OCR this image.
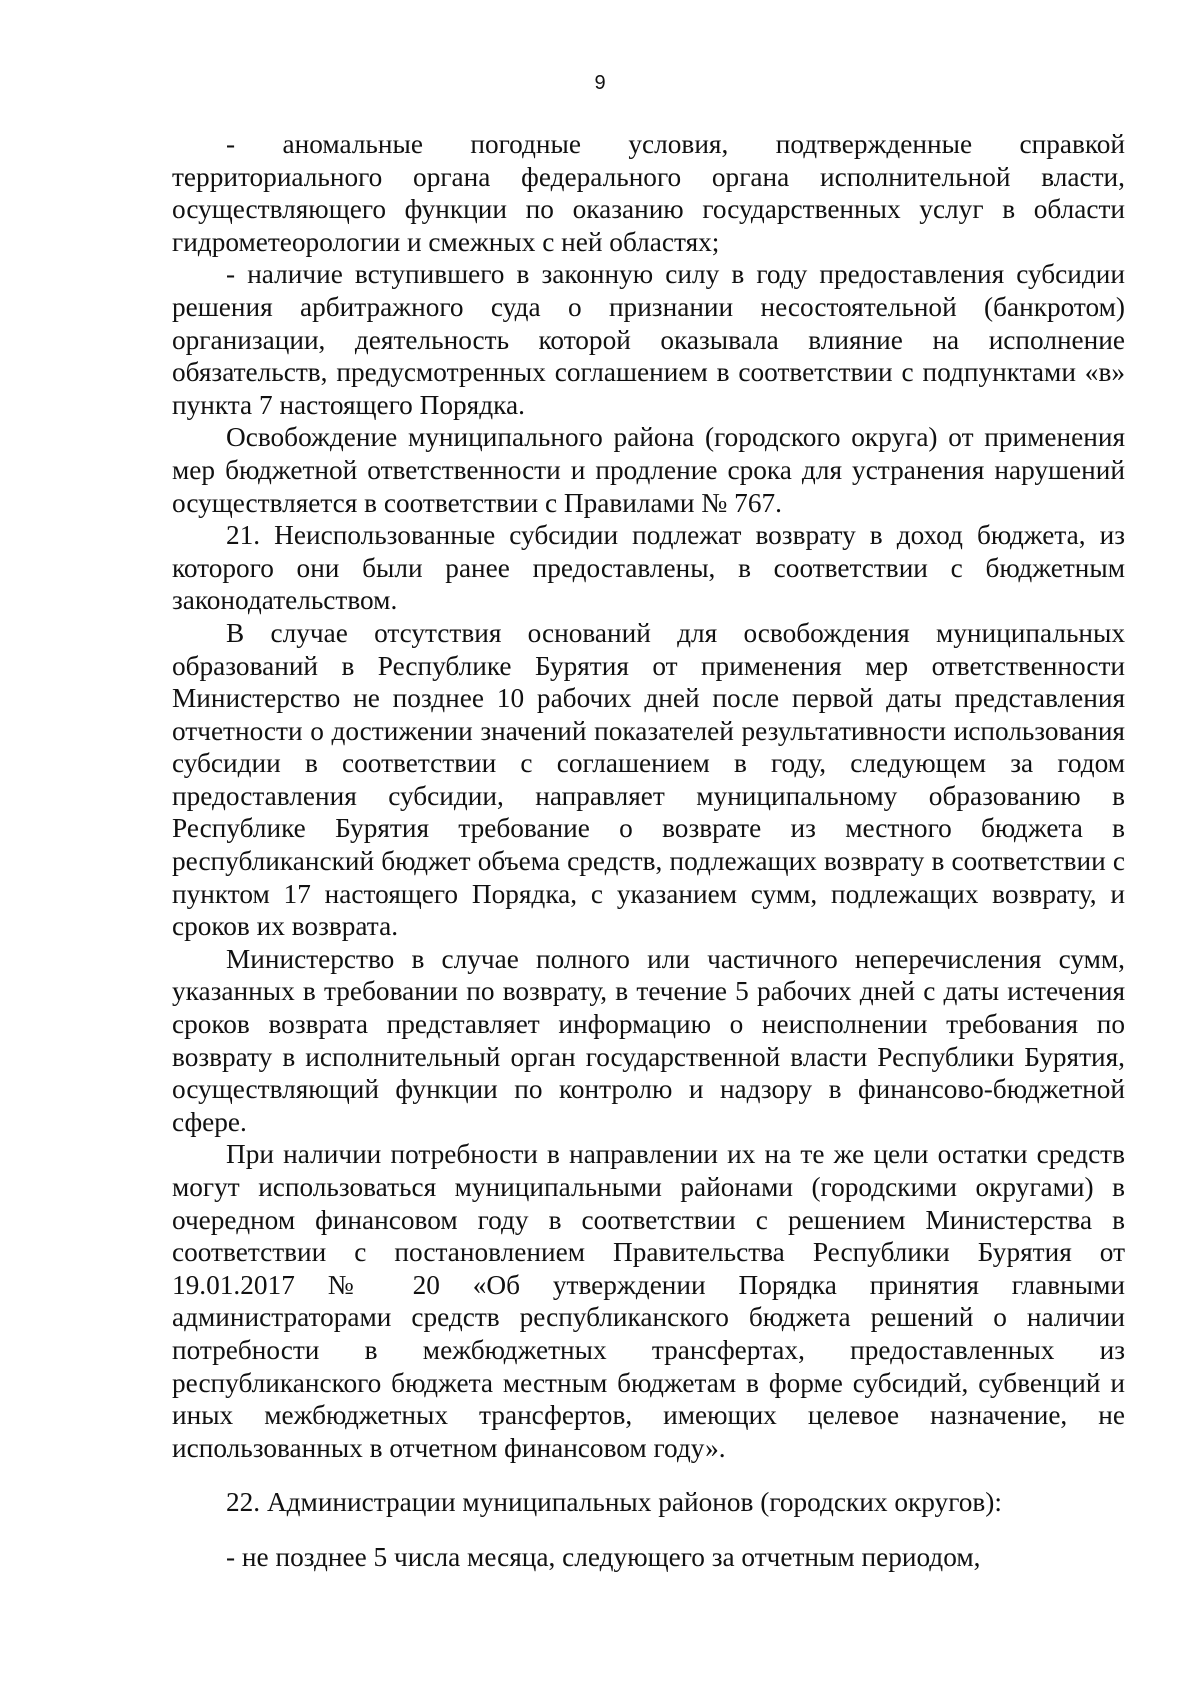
9

- аномальные погодные условия, подтвержденные справкой территориального органа федерального органа исполнительной власти, осуществляющего функции по оказанию государственных услуг в области гидрометеорологии и смежных с ней областях;

- наличие вступившего в законную силу в году предоставления субсидии решения арбитражного суда о признании несостоятельной (банкротом) организации, деятельность которой оказывала влияние на исполнение обязательств, предусмотренных соглашением в соответствии с подпунктами «в» пункта 7 настоящего Порядка.

Освобождение муниципального района (городского округа) от применения мер бюджетной ответственности и продление срока для устранения нарушений осуществляется в соответствии с Правилами № 767.

21. Неиспользованные субсидии подлежат возврату в доход бюджета, из которого они были ранее предоставлены, в соответствии с бюджетным законодательством.

В случае отсутствия оснований для освобождения муниципальных образований в Республике Бурятия от применения мер ответственности Министерство не позднее 10 рабочих дней после первой даты представления отчетности о достижении значений показателей результативности использования субсидии в соответствии с соглашением в году, следующем за годом предоставления субсидии, направляет муниципальному образованию в Республике Бурятия требование о возврате из местного бюджета в республиканский бюджет объема средств, подлежащих возврату в соответствии с пунктом 17 настоящего Порядка, с указанием сумм, подлежащих возврату, и сроков их возврата.

Министерство в случае полного или частичного неперечисления сумм, указанных в требовании по возврату, в течение 5 рабочих дней с даты истечения сроков возврата представляет информацию о неисполнении требования по возврату в исполнительный орган государственной власти Республики Бурятия, осуществляющий функции по контролю и надзору в финансово-бюджетной сфере.

При наличии потребности в направлении их на те же цели остатки средств могут использоваться муниципальными районами (городскими округами) в очередном финансовом году в соответствии с решением Министерства в соответствии с постановлением Правительства Республики Бурятия от 19.01.2017 № 20 «Об утверждении Порядка принятия главными администраторами средств республиканского бюджета решений о наличии потребности в межбюджетных трансфертах, предоставленных из республиканского бюджета местным бюджетам в форме субсидий, субвенций и иных межбюджетных трансфертов, имеющих целевое назначение, не использованных в отчетном финансовом году».

22. Администрации муниципальных районов (городских округов):

- не позднее 5 числа месяца, следующего за отчетным периодом,
